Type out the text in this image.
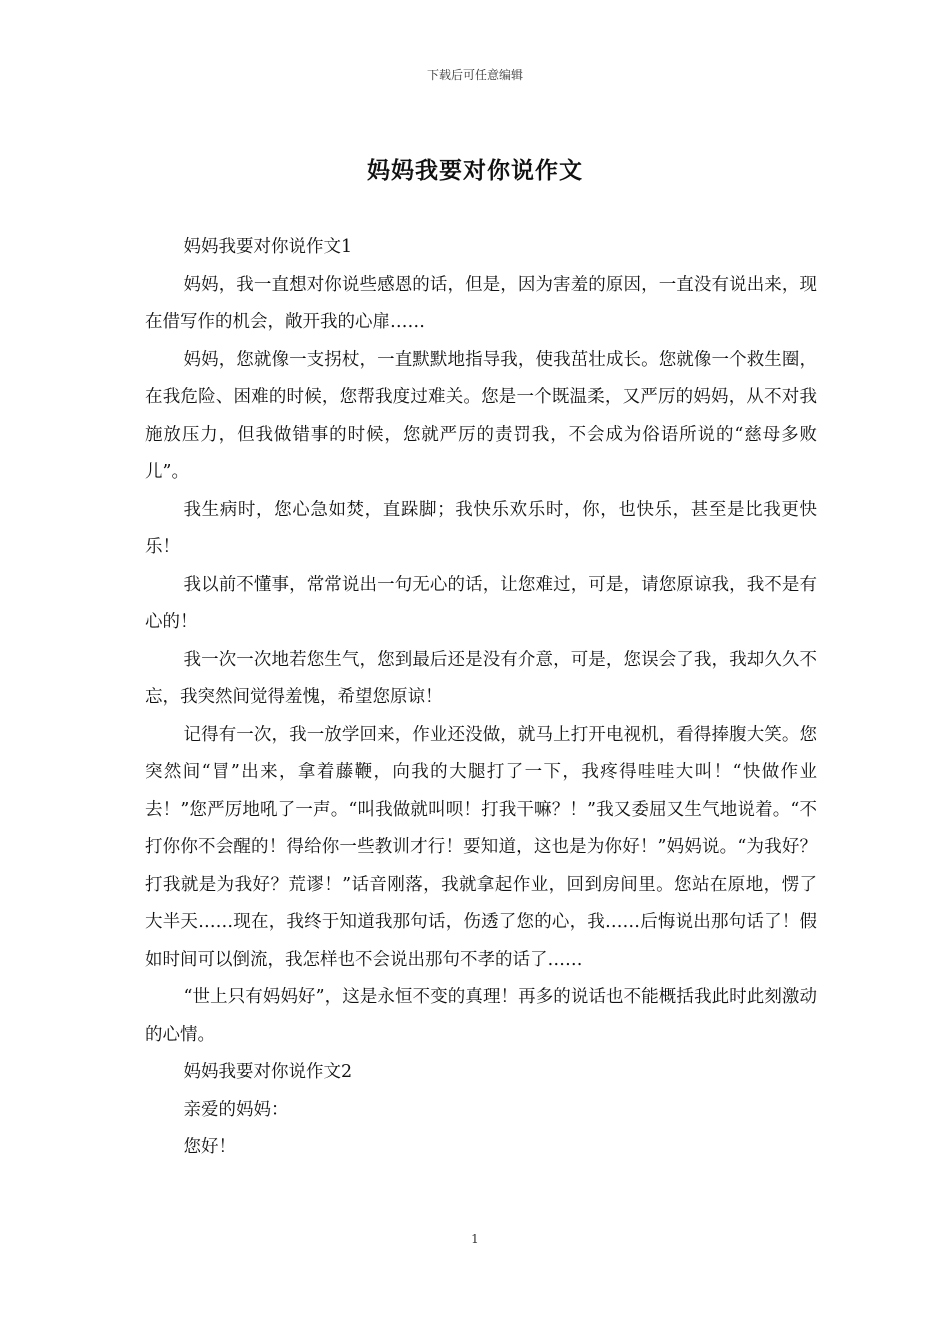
下载后可任意编辑
妈妈我要对你说作文

妈妈我要对你说作文1

妈妈，我一直想对你说些感恩的话，但是，因为害羞的原因，一直没有说出来，现在借写作的机会，敞开我的心扉……

妈妈，您就像一支拐杖，一直默默地指导我，使我茁壮成长。您就像一个救生圈，在我危险、困难的时候，您帮我度过难关。您是一个既温柔，又严厉的妈妈，从不对我施放压力，但我做错事的时候，您就严厉的责罚我，不会成为俗语所说的“慈母多败儿”。

我生病时，您心急如焚，直跺脚；我快乐欢乐时，你，也快乐，甚至是比我更快乐！

我以前不懂事，常常说出一句无心的话，让您难过，可是，请您原谅我，我不是有心的！

我一次一次地若您生气，您到最后还是没有介意，可是，您误会了我，我却久久不忘，我突然间觉得羞愧，希望您原谅！

记得有一次，我一放学回来，作业还没做，就马上打开电视机，看得捧腹大笑。您突然间“冒”出来，拿着藤鞭，向我的大腿打了一下，我疼得哇哇大叫！“快做作业去！”您严厉地吼了一声。“叫我做就叫呗！打我干嘛？！”我又委屈又生气地说着。“不打你你不会醒的！得给你一些教训才行！要知道，这也是为你好！”妈妈说。“为我好？打我就是为我好？荒谬！”话音刚落，我就拿起作业，回到房间里。您站在原地，愣了大半天……现在，我终于知道我那句话，伤透了您的心，我……后悔说出那句话了！假如时间可以倒流，我怎样也不会说出那句不孝的话了……

“世上只有妈妈好”，这是永恒不变的真理！再多的说话也不能概括我此时此刻激动的心情。

妈妈我要对你说作文2

亲爱的妈妈：

您好！

1
